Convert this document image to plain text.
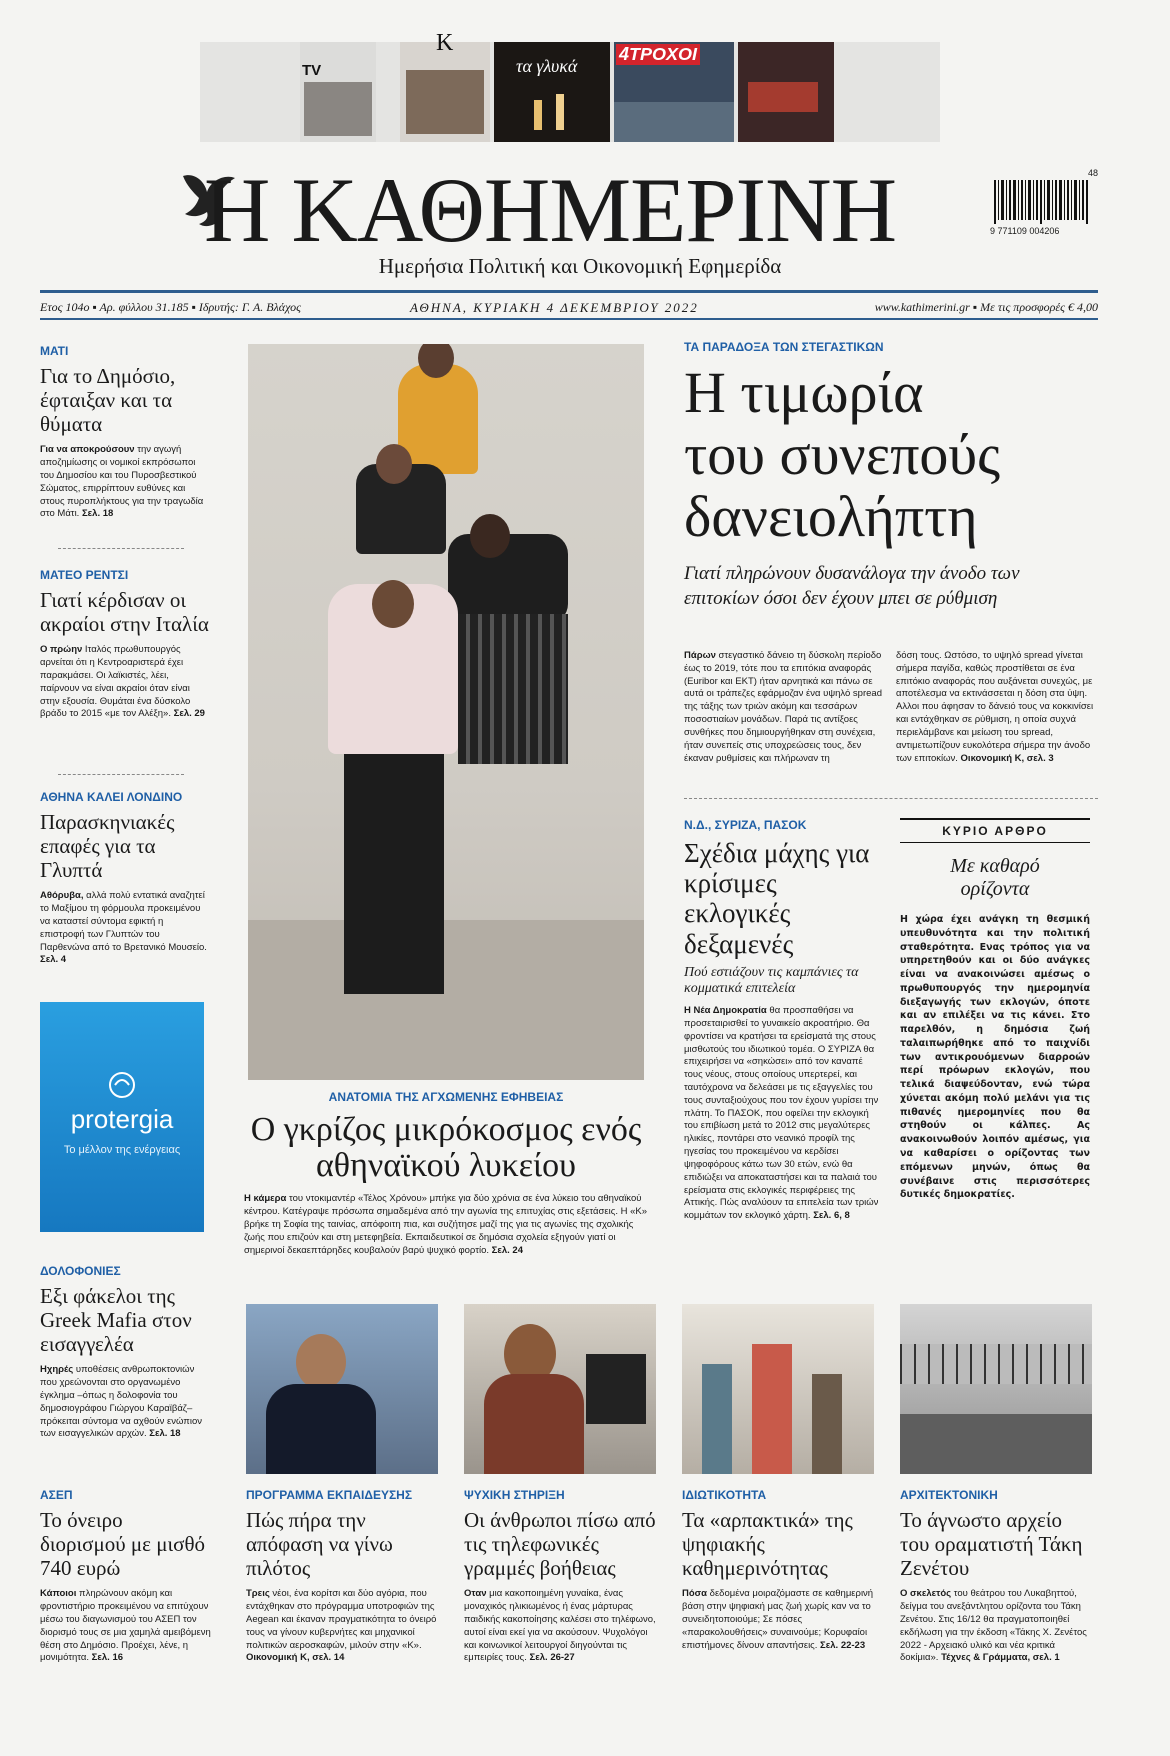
TV
K
τα γλυκά
4ΤΡΟΧΟΙ
Η ΚΑΘΗΜΕΡΙΝΗ	48
9 771109 004206
Ημερήσια Πολιτική και Οικονομική Εφημερίδα
Ετος 104ο ▪ Αρ. φύλλου 31.185 ▪ Ιδρυτής: Γ. Α. Βλάχος	ΑΘΗΝΑ, ΚΥΡΙΑΚΗ 4 ΔΕΚΕΜΒΡΙΟΥ 2022	www.kathimerini.gr ▪ Με τις προσφορές € 4,00
ΜΑΤΙ
Για το Δημόσιο, έφταιξαν και τα θύματα
Για να αποκρούσουν την αγωγή αποζημίωσης οι νομικοί εκπρόσωποι του Δημοσίου και του Πυροσβεστικού Σώματος, επιρρίπτουν ευθύνες και στους πυροπλήκτους για την τραγωδία στο Μάτι. Σελ. 18
ΜΑΤΕΟ ΡΕΝΤΣΙ
Γιατί κέρδισαν οι ακραίοι στην Ιταλία
Ο πρώην Ιταλός πρωθυπουργός αρνείται ότι η Κεντροαριστερά έχει παρακμάσει. Οι λαϊκιστές, λέει, παίρνουν να είναι ακραίοι όταν είναι στην εξουσία. Θυμάται ένα δύσκολο βράδυ το 2015 «με τον Αλέξη». Σελ. 29
ΑΘΗΝΑ ΚΑΛΕΙ ΛΟΝΔΙΝΟ
Παρασκηνιακές επαφές για τα Γλυπτά
Αθόρυβα, αλλά πολύ εντατικά αναζητεί το Μαξίμου τη φόρμουλα προκειμένου να καταστεί σύντομα εφικτή η επιστροφή των Γλυπτών του Παρθενώνα από το Βρετανικό Μουσείο. Σελ. 4
protergia
Το μέλλον της ενέργειας
ΔΟΛΟΦΟΝΙΕΣ
Εξι φάκελοι της Greek Mafia στον εισαγγελέα
Ηχηρές υποθέσεις ανθρωποκτονιών που χρεώνονται στο οργανωμένο έγκλημα –όπως η δολοφονία του δημοσιογράφου Γιώργου Καραϊβάζ– πρόκειται σύντομα να αχθούν ενώπιον των εισαγγελικών αρχών. Σελ. 18
ΑΝΑΤΟΜΙΑ ΤΗΣ ΑΓΧΩΜΕΝΗΣ ΕΦΗΒΕΙΑΣ
Ο γκρίζος μικρόκοσμος ενός αθηναϊκού λυκείου
Η κάμερα του ντοκιμαντέρ «Τέλος Χρόνου» μπήκε για δύο χρόνια σε ένα λύκειο του αθηναϊκού κέντρου. Κατέγραψε πρόσωπα σημαδεμένα από την αγωνία της επιτυχίας στις εξετάσεις. Η «Κ» βρήκε τη Σοφία της ταινίας, απόφοιτη πια, και συζήτησε μαζί της για τις αγωνίες της σχολικής ζωής που επιζούν και στη μετεφηβεία. Εκπαιδευτικοί σε δημόσια σχολεία εξηγούν γιατί οι σημερινοί δεκαεπτάρηδες κουβαλούν βαρύ ψυχικό φορτίο. Σελ. 24
ΤΑ ΠΑΡΑΔΟΞΑ ΤΩΝ ΣΤΕΓΑΣΤΙΚΩΝ
Η τιμωρία
του συνεπούς
δανειολήπτη
Γιατί πληρώνουν δυσανάλογα την άνοδο των επιτοκίων όσοι δεν έχουν μπει σε ρύθμιση
Πάρων στεγαστικό δάνειο τη δύσκολη περίοδο έως το 2019, τότε που τα επιτόκια αναφοράς (Euribor και ΕΚΤ) ήταν αρνητικά και πάνω σε αυτά οι τράπεζες εφάρμοζαν ένα υψηλό spread της τάξης των τριών ακόμη και τεσσάρων ποσοστιαίων μονάδων. Παρά τις αντίξοες συνθήκες που δημιουργήθηκαν στη συνέχεια, ήταν συνεπείς στις υποχρεώσεις τους, δεν έκαναν ρυθμίσεις και πλήρωναν τη
δόση τους. Ωστόσο, το υψηλό spread γίνεται σήμερα παγίδα, καθώς προστίθεται σε ένα επιτόκιο αναφοράς που αυξάνεται συνεχώς, με αποτέλεσμα να εκτινάσσεται η δόση στα ύψη. Αλλοι που άφησαν το δάνειό τους να κοκκινίσει και εντάχθηκαν σε ρύθμιση, η οποία συχνά περιελάμβανε και μείωση του spread, αντιμετωπίζουν ευκολότερα σήμερα την άνοδο των επιτοκίων. Οικονομική Κ, σελ. 3
Ν.Δ., ΣΥΡΙΖΑ, ΠΑΣΟΚ
Σχέδια μάχης για κρίσιμες εκλογικές δεξαμενές
Πού εστιάζουν τις καμπάνιες τα κομματικά επιτελεία
Η Νέα Δημοκρατία θα προσπαθήσει να προσεταιρισθεί το γυναικείο ακροατήριο. Θα φροντίσει να κρατήσει τα ερείσματά της στους μισθωτούς του ιδιωτικού τομέα. Ο ΣΥΡΙΖΑ θα επιχειρήσει να «σηκώσει» από τον καναπέ τους νέους, στους οποίους υπερτερεί, και ταυτόχρονα να δελεάσει με τις εξαγγελίες του τους συνταξιούχους που τον έχουν γυρίσει την πλάτη. Το ΠΑΣΟΚ, που οφείλει την εκλογική του επιβίωση μετά το 2012 στις μεγαλύτερες ηλικίες, ποντάρει στο νεανικό προφίλ της ηγεσίας του προκειμένου να κερδίσει ψηφοφόρους κάτω των 30 ετών, ενώ θα επιδιώξει να αποκαταστήσει και τα παλαιά του ερείσματα στις εκλογικές περιφέρειες της Αττικής. Πώς αναλύουν τα επιτελεία των τριών κομμάτων τον εκλογικό χάρτη. Σελ. 6, 8
ΚΥΡΙΟ ΑΡΘΡΟ
Με καθαρό ορίζοντα
Η χώρα έχει ανάγκη τη θεσμική υπευθυνότητα και την πολιτική σταθερότητα. Ενας τρόπος για να υπηρετηθούν και οι δύο ανάγκες είναι να ανακοινώσει αμέσως ο πρωθυπουργός την ημερομηνία διεξαγωγής των εκλογών, όποτε και αν επιλέξει να τις κάνει. Στο παρελθόν, η δημόσια ζωή ταλαιπωρήθηκε από το παιχνίδι των αντικρουόμενων διαρροών περί πρόωρων εκλογών, που τελικά διαψεύδονταν, ενώ τώρα χύνεται ακόμη πολύ μελάνι για τις πιθανές ημερομηνίες που θα στηθούν οι κάλπες. Ας ανακοινωθούν λοιπόν αμέσως, για να καθαρίσει ο ορίζοντας των επόμενων μηνών, όπως θα συνέβαινε στις περισσότερες δυτικές δημοκρατίες.
ΑΣΕΠ
Το όνειρο διορισμού με μισθό 740 ευρώ
Κάποιοι πληρώνουν ακόμη και φροντιστήριο προκειμένου να επιτύχουν μέσω του διαγωνισμού του ΑΣΕΠ τον διορισμό τους σε μια χαμηλά αμειβόμενη θέση στο Δημόσιο. Προέχει, λένε, η μονιμότητα. Σελ. 16
ΠΡΟΓΡΑΜΜΑ ΕΚΠΑΙΔΕΥΣΗΣ
Πώς πήρα την απόφαση να γίνω πιλότος
Τρεις νέοι, ένα κορίτσι και δύο αγόρια, που εντάχθηκαν στο πρόγραμμα υποτροφιών της Aegean και έκαναν πραγματικότητα το όνειρό τους να γίνουν κυβερνήτες και μηχανικοί πολιτικών αεροσκαφών, μιλούν στην «Κ». Οικονομική Κ, σελ. 14
ΨΥΧΙΚΗ ΣΤΗΡΙΞΗ
Οι άνθρωποι πίσω από τις τηλεφωνικές γραμμές βοήθειας
Οταν μια κακοποιημένη γυναίκα, ένας μοναχικός ηλικιωμένος ή ένας μάρτυρας παιδικής κακοποίησης καλέσει στο τηλέφωνο, αυτοί είναι εκεί για να ακούσουν. Ψυχολόγοι και κοινωνικοί λειτουργοί διηγούνται τις εμπειρίες τους. Σελ. 26-27
ΙΔΙΩΤΙΚΟΤΗΤΑ
Τα «αρπακτικά» της ψηφιακής καθημερινότητας
Πόσα δεδομένα μοιραζόμαστε σε καθημερινή βάση στην ψηφιακή μας ζωή χωρίς καν να το συνειδητοποιούμε; Σε πόσες «παρακολουθήσεις» συναινούμε; Κορυφαίοι επιστήμονες δίνουν απαντήσεις. Σελ. 22-23
ΑΡΧΙΤΕΚΤΟΝΙΚΗ
Το άγνωστο αρχείο του οραματιστή Τάκη Ζενέτου
Ο σκελετός του θεάτρου του Λυκαβηττού, δείγμα του ανεξάντλητου ορίζοντα του Τάκη Ζενέτου. Στις 16/12 θα πραγματοποιηθεί εκδήλωση για την έκδοση «Τάκης Χ. Ζενέτος 2022 - Αρχειακό υλικό και νέα κριτικά δοκίμια». Τέχνες & Γράμματα, σελ. 1
